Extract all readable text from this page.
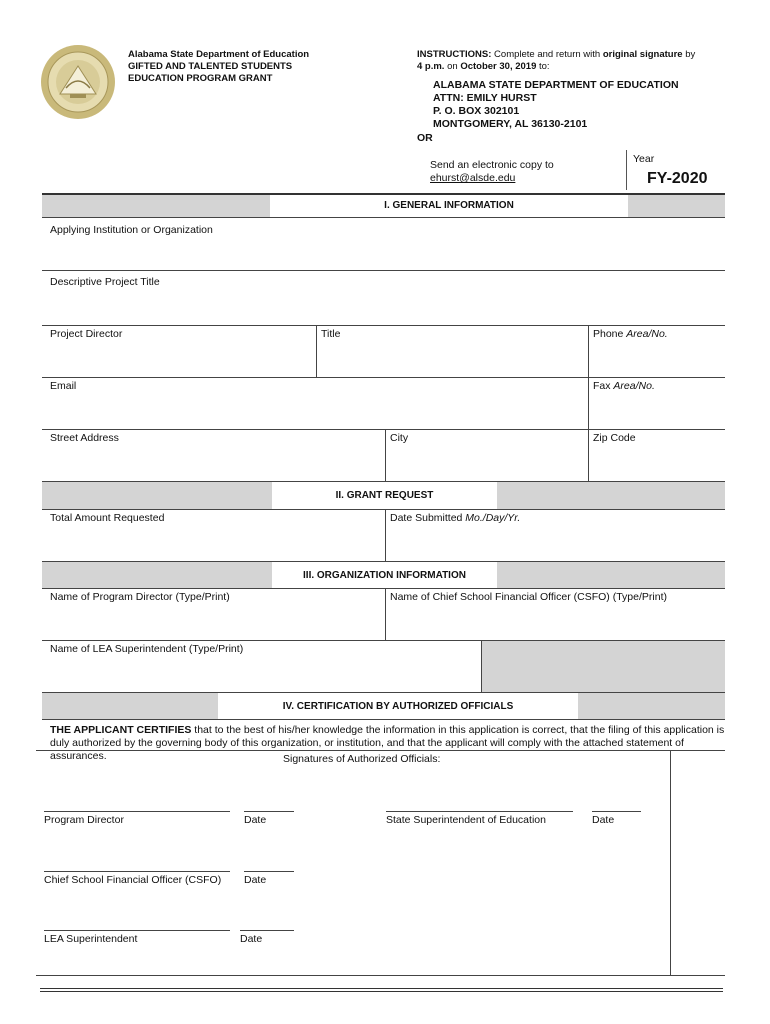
Alabama State Department of Education
GIFTED AND TALENTED STUDENTS
EDUCATION PROGRAM GRANT
INSTRUCTIONS: Complete and return with original signature by
4 p.m. on October 30, 2019 to:
ALABAMA STATE DEPARTMENT OF EDUCATION
ATTN: EMILY HURST
P. O. BOX 302101
MONTGOMERY, AL 36130-2101
OR
Send an electronic copy to
ehurst@alsde.edu
Year
FY-2020
I. GENERAL INFORMATION
Applying Institution or Organization
Descriptive Project Title
Project Director	Title	Phone Area/No.
Email	Fax Area/No.
Street Address	City	Zip Code
II. GRANT REQUEST
Total Amount Requested	Date Submitted Mo./Day/Yr.
III. ORGANIZATION INFORMATION
Name of Program Director (Type/Print)	Name of Chief School Financial Officer (CSFO) (Type/Print)
Name of LEA Superintendent (Type/Print)
IV. CERTIFICATION BY AUTHORIZED OFFICIALS
THE APPLICANT CERTIFIES that to the best of his/her knowledge the information in this application is correct, that the filing of this application is duly authorized by the governing body of this organization, or institution, and that the applicant will comply with the attached statement of assurances.	Signatures of Authorized Officials:
Program Director	Date	State Superintendent of Education	Date
Chief School Financial Officer (CSFO) Date
LEA Superintendent	Date
